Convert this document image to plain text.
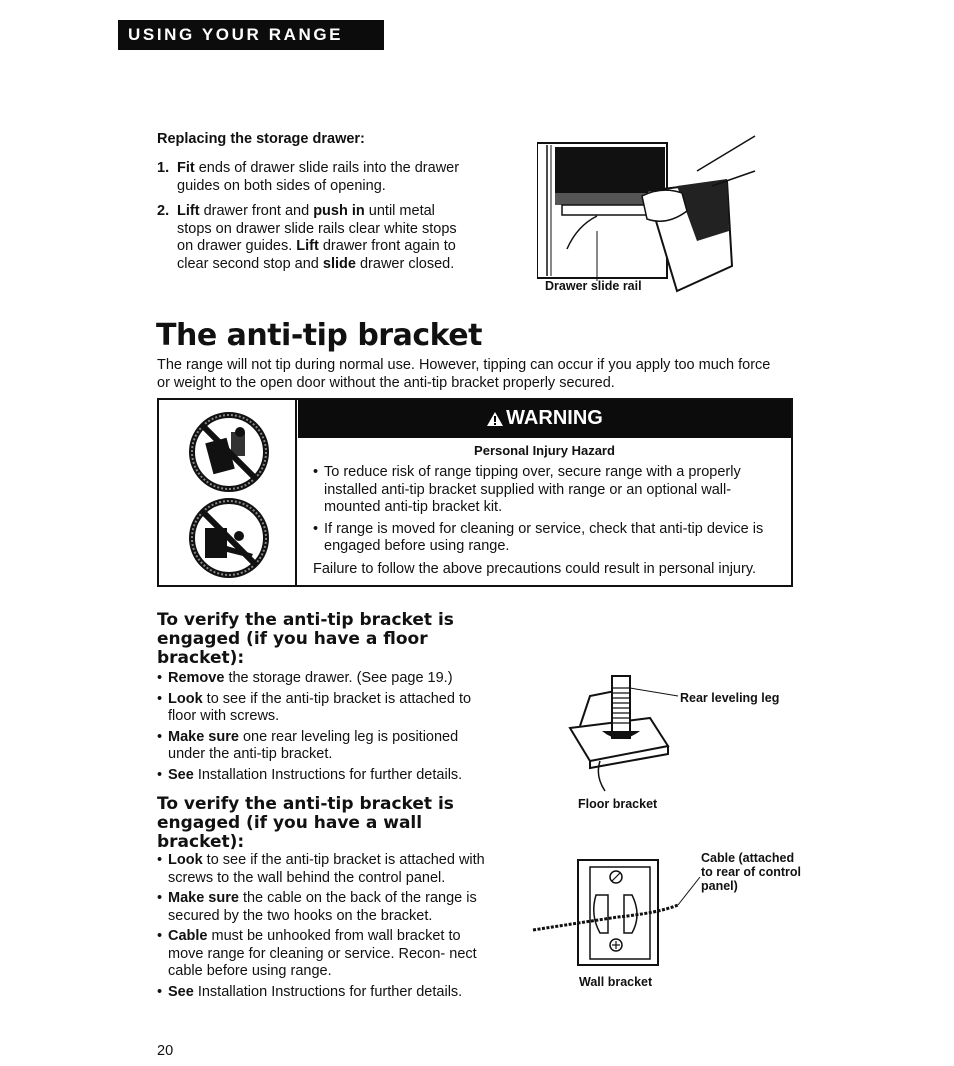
USING YOUR RANGE
Replacing the storage drawer:
1. Fit ends of drawer slide rails into the drawer guides on both sides of opening.
2. Lift drawer front and push in until metal stops on drawer slide rails clear white stops on drawer guides. Lift drawer front again to clear second stop and slide drawer closed.
Drawer slide rail
The anti-tip bracket
The range will not tip during normal use. However, tipping can occur if you apply too much force or weight to the open door without the anti-tip bracket properly secured.
WARNING
Personal Injury Hazard
• To reduce risk of range tipping over, secure range with a properly installed anti-tip bracket supplied with range or an optional wall-mounted anti-tip bracket kit.
• If range is moved for cleaning or service, check that anti-tip device is engaged before using range.
Failure to follow the above precautions could result in personal injury.
To verify the anti-tip bracket is engaged (if you have a floor bracket):
• Remove the storage drawer. (See page 19.)
• Look to see if the anti-tip bracket is attached to floor with screws.
• Make sure one rear leveling leg is positioned under the anti-tip bracket.
• See Installation Instructions for further details.
Rear leveling leg
Floor bracket
To verify the anti-tip bracket is engaged (if you have a wall bracket):
• Look to see if the anti-tip bracket is attached with screws to the wall behind the control panel.
• Make sure the cable on the back of the range is secured by the two hooks on the bracket.
• Cable must be unhooked from wall bracket to move range for cleaning or service. Recon- nect cable before using range.
• See Installation Instructions for further details.
Cable (attached to rear of control panel)
Wall bracket
20
